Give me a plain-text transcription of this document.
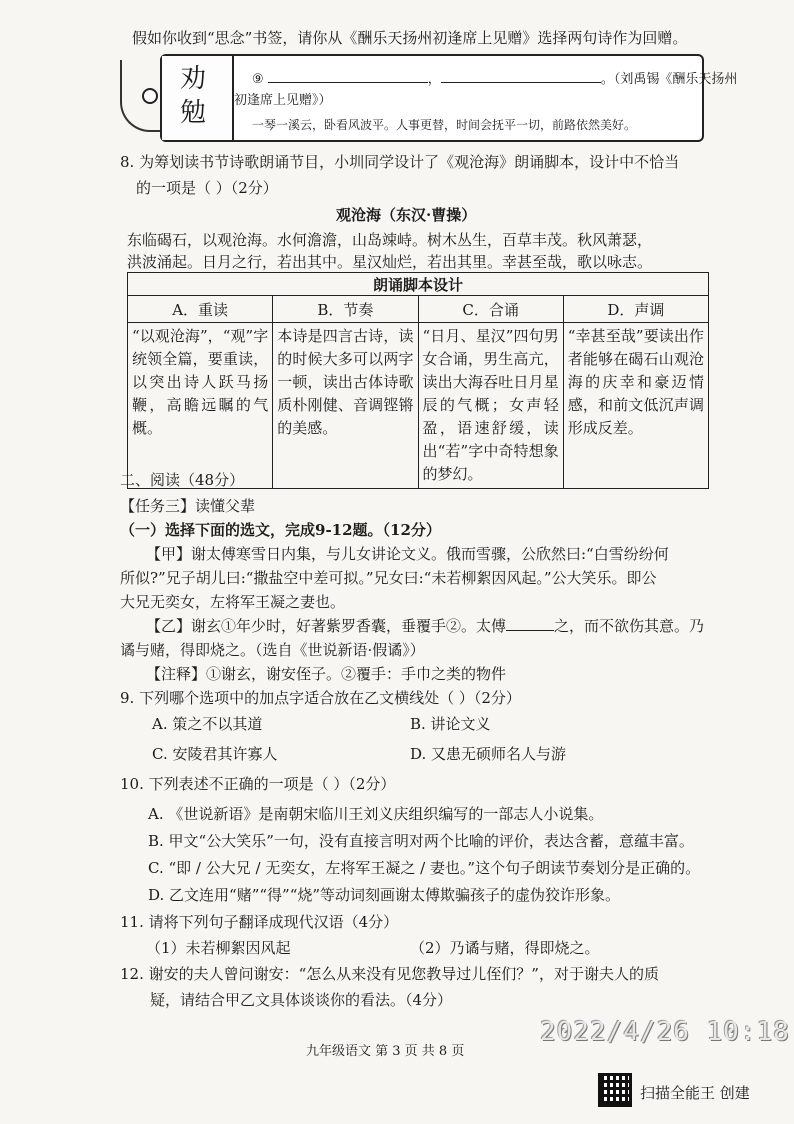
假如你收到“思念”书签，请你从《酬乐天扬州初逢席上见赠》选择两句诗作为回赠。
劝
勉
⑨	，	。（刘禹锡《酬乐天扬州
初逢席上见赠》）
一琴一溪云，卧看风波平。人事更替，时间会抚平一切，前路依然美好。
8. 为筹划读书节诗歌朗诵节目，小圳同学设计了《观沧海》朗诵脚本，设计中不恰当
的一项是（ ）（2分）
观沧海（东汉·曹操）
东临碣石，以观沧海。水何澹澹，山岛竦峙。树木丛生，百草丰茂。秋风萧瑟，
洪波涌起。日月之行，若出其中。星汉灿烂，若出其里。幸甚至哉，歌以咏志。
朗诵脚本设计			
A．重读	B．节奏	C．合诵	D．声调

“以观沧海”，“观”字统领全篇，要重读，以突出诗人跃马扬鞭，高瞻远瞩的气概。	本诗是四言古诗，读的时候大多可以两字一顿，读出古体诗歌质朴刚健、音调铿锵的美感。	“日月、星汉”四句男女合诵，男生高亢，读出大海吞吐日月星辰的气概；女声轻盈，语速舒缓，读出“若”字中奇特想象的梦幻。	“幸甚至哉”要读出作者能够在碣石山观沧海的庆幸和豪迈情感，和前文低沉声调形成反差。
二、阅读（48分）
【任务三】读懂父辈
（一）选择下面的选文，完成9-12题。（12分）
【甲】谢太傅寒雪日内集，与儿女讲论文义。俄而雪骤，公欣然曰:“白雪纷纷何
所似?”兄子胡儿曰:“撒盐空中差可拟。”兄女曰:“未若柳絮因风起。”公大笑乐。即公
大兄无奕女，左将军王凝之妻也。
【乙】谢玄①年少时，好著紫罗香囊，垂覆手②。太傅	之，而不欲伤其意。乃
谲与赌，得即烧之。（选自《世说新语·假谲》）
【注释】①谢玄，谢安侄子。②覆手：手巾之类的物件
9. 下列哪个选项中的加点字适合放在乙文横线处（ ）（2分）
A. 策之不以其道	B. 讲论文义
C. 安陵君其许寡人	D. 又患无硕师名人与游
10. 下列表述不正确的一项是（ ）（2分）
A. 《世说新语》是南朝宋临川王刘义庆组织编写的一部志人小说集。
B. 甲文“公大笑乐”一句，没有直接言明对两个比喻的评价，表达含蓄，意蕴丰富。
C. “即 / 公大兄 / 无奕女，左将军王凝之 / 妻也。”这个句子朗读节奏划分是正确的。
D. 乙文连用“赌”“得”“烧”等动词刻画谢太傅欺骗孩子的虚伪狡诈形象。
11. 请将下列句子翻译成现代汉语（4分）
（1）未若柳絮因风起	（2）乃谲与赌，得即烧之。
12. 谢安的夫人曾问谢安：“怎么从来没有见您教导过儿侄们？”，对于谢夫人的质
疑，请结合甲乙文具体谈谈你的看法。（4分）
九年级语文 第 3 页 共 8 页
2022/4/26 10:18
扫描全能王 创建
